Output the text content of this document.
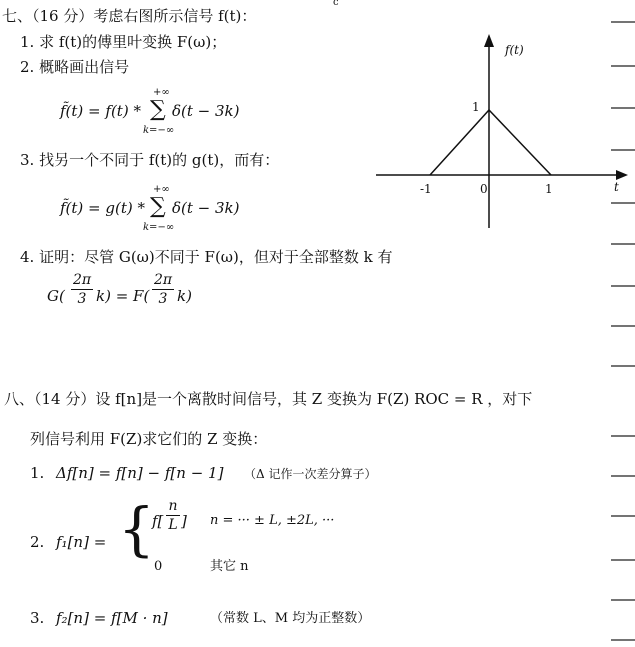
c
七、（16 分）考虑右图所示信号 f(t)：
1. 求 f(t)的傅里叶变换 F(ω)；
2. 概略画出信号
f̃(t) = f(t) * ∑
+∞
k=−∞
δ(t − 3k)
3. 找另一个不同于 f(t)的 g(t)，而有：
f̃(t) = g(t) * ∑
+∞
k=−∞
δ(t − 3k)
4. 证明：尽管 G(ω)不同于 F(ω)，但对于全部整数 k 有
G(
2π
3 k) = F(
2π
3 k)
f(t)
1
-1	0	1	t
八、（14 分）设 f[n]是一个离散时间信号，其 Z 变换为 F(Z) ROC = R ，对下
列信号利用 F(Z)求它们的 Z 变换：
1. Δf[n] = f[n] − f[n − 1] （Δ 记作一次差分算子）
2. f₁[n] = {
f[
n
L ] n = ··· ± L, ±2L, ···
0	其它 n
3. f₂[n] = f[M · n]	（常数 L、M 均为正整数）
